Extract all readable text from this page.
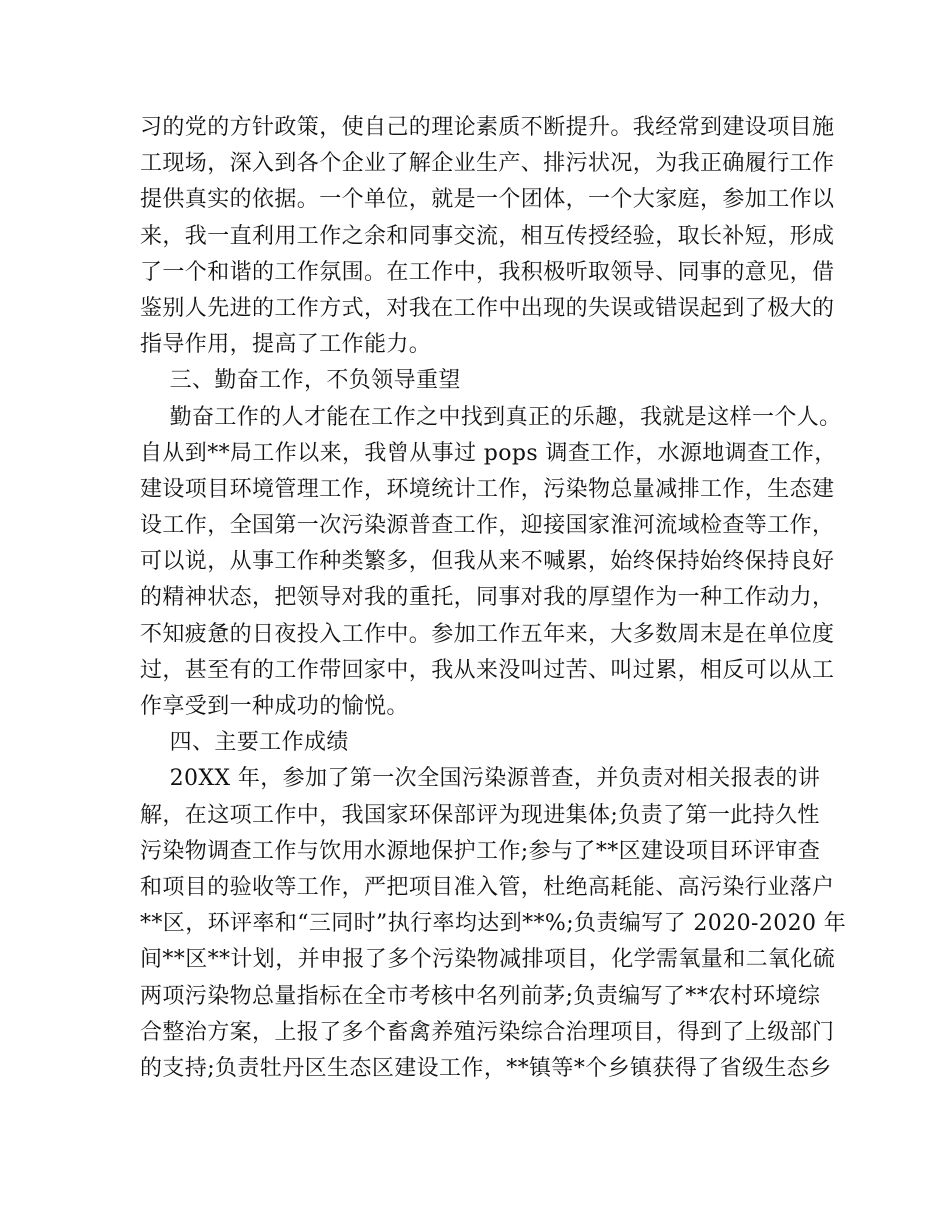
习的党的方针政策，使自己的理论素质不断提升。我经常到建设项目施
工现场，深入到各个企业了解企业生产、排污状况，为我正确履行工作
提供真实的依据。一个单位，就是一个团体，一个大家庭，参加工作以
来，我一直利用工作之余和同事交流，相互传授经验，取长补短，形成
了一个和谐的工作氛围。在工作中，我积极听取领导、同事的意见，借
鉴别人先进的工作方式，对我在工作中出现的失误或错误起到了极大的
指导作用，提高了工作能力。
三、勤奋工作，不负领导重望
勤奋工作的人才能在工作之中找到真正的乐趣，我就是这样一个人。
自从到**局工作以来，我曾从事过 pops 调查工作，水源地调查工作，
建设项目环境管理工作，环境统计工作，污染物总量减排工作，生态建
设工作，全国第一次污染源普查工作，迎接国家淮河流域检查等工作，
可以说，从事工作种类繁多，但我从来不喊累，始终保持始终保持良好
的精神状态，把领导对我的重托，同事对我的厚望作为一种工作动力，
不知疲惫的日夜投入工作中。参加工作五年来，大多数周末是在单位度
过，甚至有的工作带回家中，我从来没叫过苦、叫过累，相反可以从工
作享受到一种成功的愉悦。
四、主要工作成绩
20XX 年，参加了第一次全国污染源普查，并负责对相关报表的讲
解，在这项工作中，我国家环保部评为现进集体;负责了第一此持久性
污染物调查工作与饮用水源地保护工作;参与了**区建设项目环评审查
和项目的验收等工作，严把项目准入管，杜绝高耗能、高污染行业落户
**区，环评率和“三同时”执行率均达到**%;负责编写了 2020-2020 年
间**区**计划，并申报了多个污染物减排项目，化学需氧量和二氧化硫
两项污染物总量指标在全市考核中名列前茅;负责编写了**农村环境综
合整治方案，上报了多个畜禽养殖污染综合治理项目，得到了上级部门
的支持;负责牡丹区生态区建设工作，**镇等*个乡镇获得了省级生态乡
